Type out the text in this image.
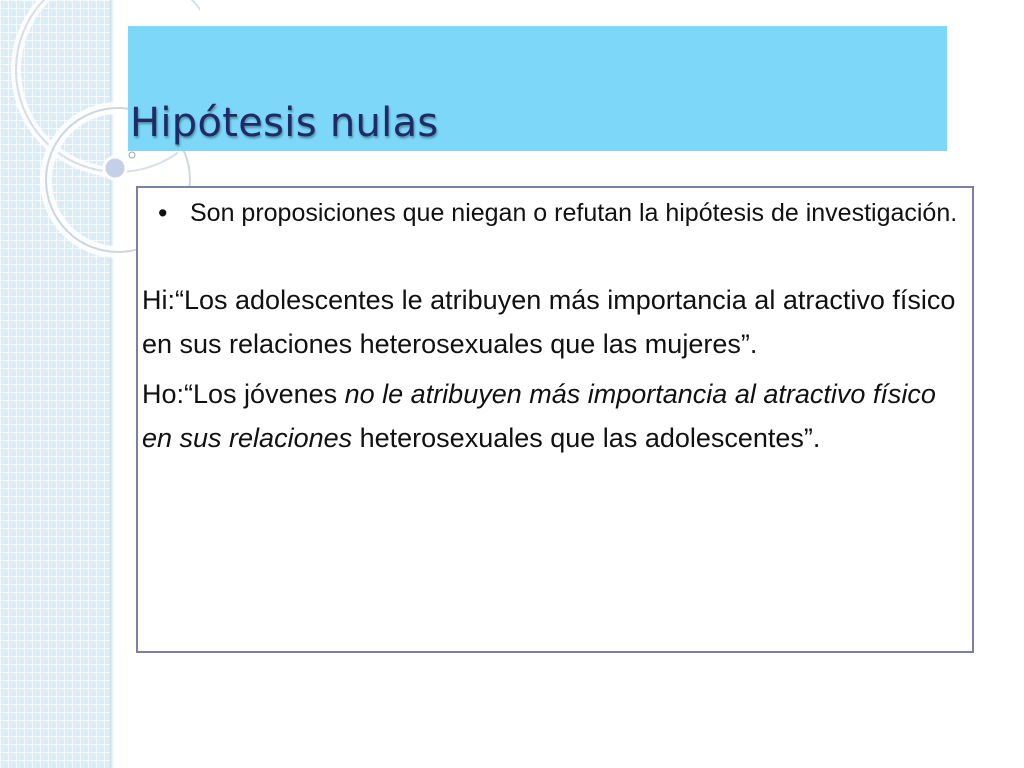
Hipótesis nulas
• Son proposiciones que niegan o refutan la hipótesis de investigación.

Hi:“Los adolescentes le atribuyen más importancia al atractivo físico en sus relaciones heterosexuales que las mujeres”.

Ho:“Los jóvenes no le atribuyen más importancia al atractivo físico en sus relaciones heterosexuales que las adolescentes”.
